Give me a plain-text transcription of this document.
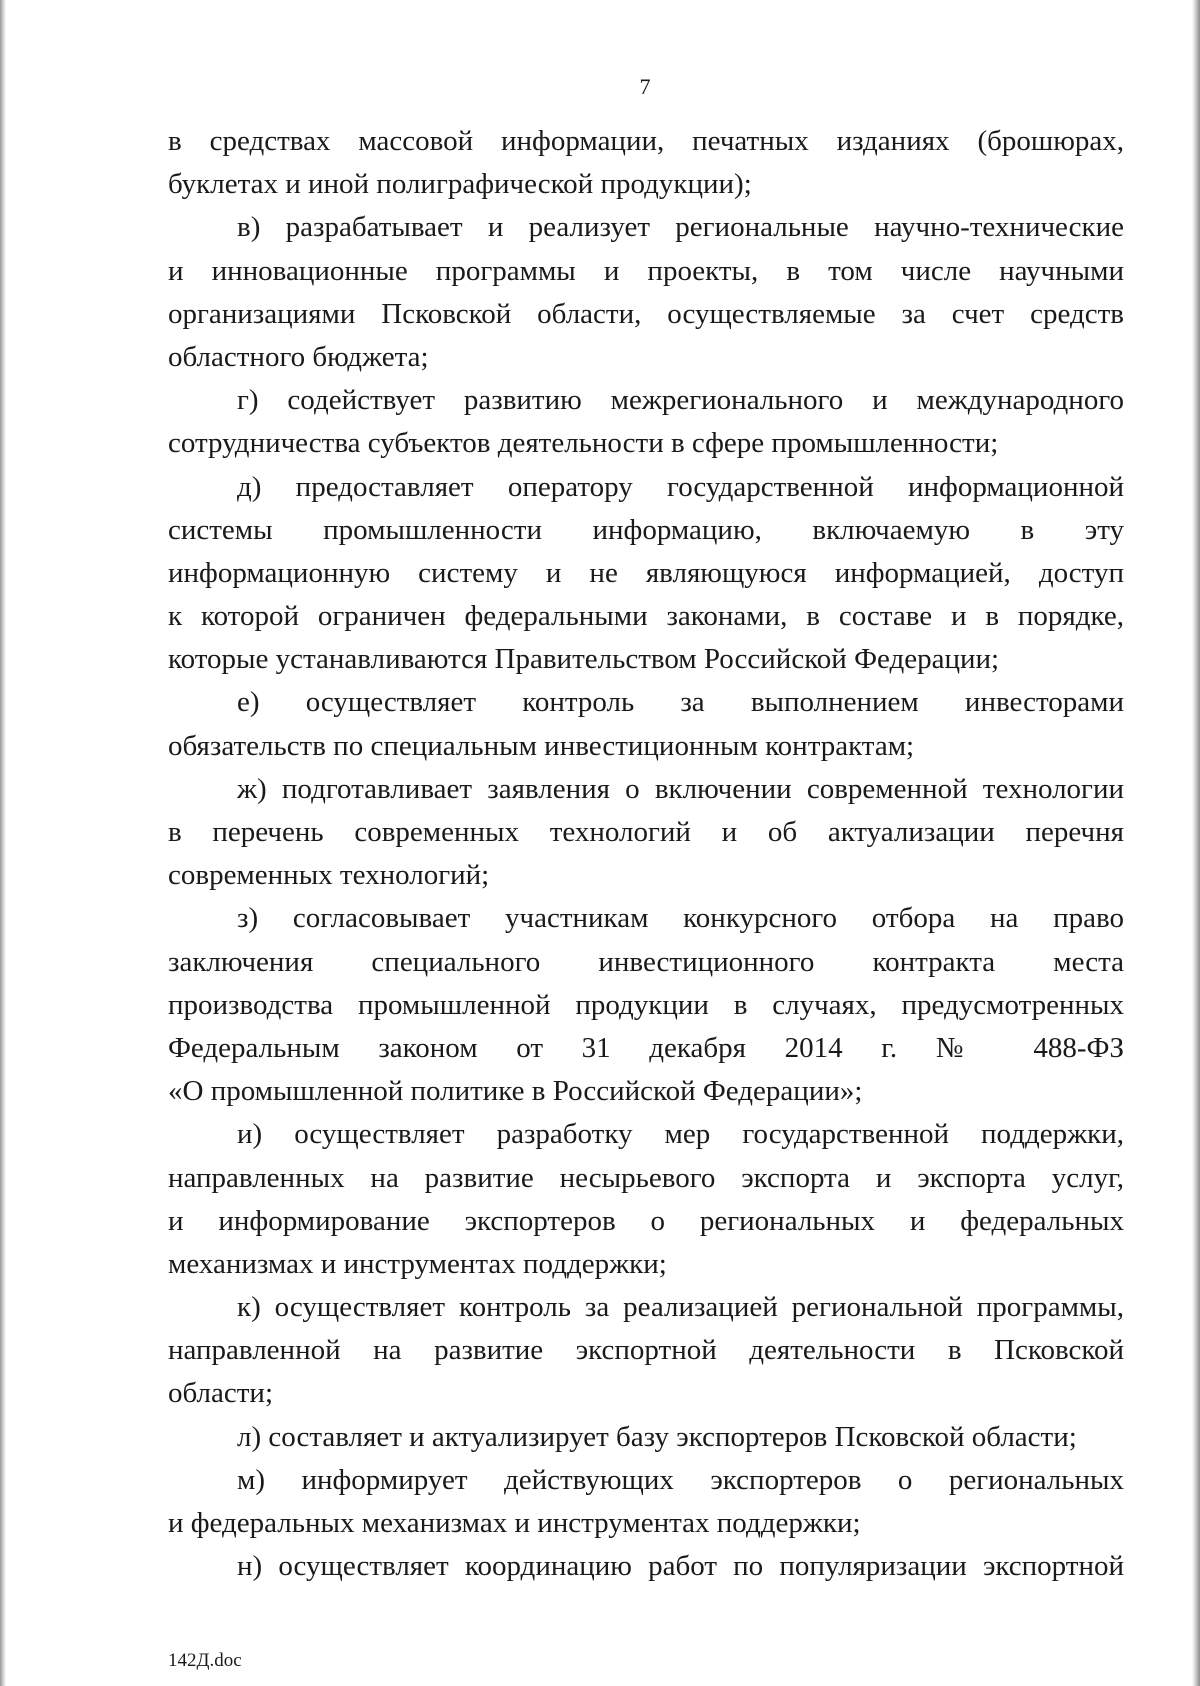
7
в средствах массовой информации, печатных изданиях (брошюрах,
буклетах и иной полиграфической продукции);
в) разрабатывает и реализует региональные научно-технические
и инновационные программы и проекты, в том числе научными
организациями Псковской области, осуществляемые за счет средств
областного бюджета;
г) содействует развитию межрегионального и международного
сотрудничества субъектов деятельности в сфере промышленности;
д) предоставляет оператору государственной информационной
системы промышленности информацию, включаемую в эту
информационную систему и не являющуюся информацией, доступ
к которой ограничен федеральными законами, в составе и в порядке,
которые устанавливаются Правительством Российской Федерации;
е) осуществляет контроль за выполнением инвесторами
обязательств по специальным инвестиционным контрактам;
ж) подготавливает заявления о включении современной технологии
в перечень современных технологий и об актуализации перечня
современных технологий;
з) согласовывает участникам конкурсного отбора на право
заключения специального инвестиционного контракта места
производства промышленной продукции в случаях, предусмотренных
Федеральным законом от 31 декабря 2014 г. № 488-ФЗ
«О промышленной политике в Российской Федерации»;
и) осуществляет разработку мер государственной поддержки,
направленных на развитие несырьевого экспорта и экспорта услуг,
и информирование экспортеров о региональных и федеральных
механизмах и инструментах поддержки;
к) осуществляет контроль за реализацией региональной программы,
направленной на развитие экспортной деятельности в Псковской
области;
л) составляет и актуализирует базу экспортеров Псковской области;
м) информирует действующих экспортеров о региональных
и федеральных механизмах и инструментах поддержки;
н) осуществляет координацию работ по популяризации экспортной
142Д.doc
